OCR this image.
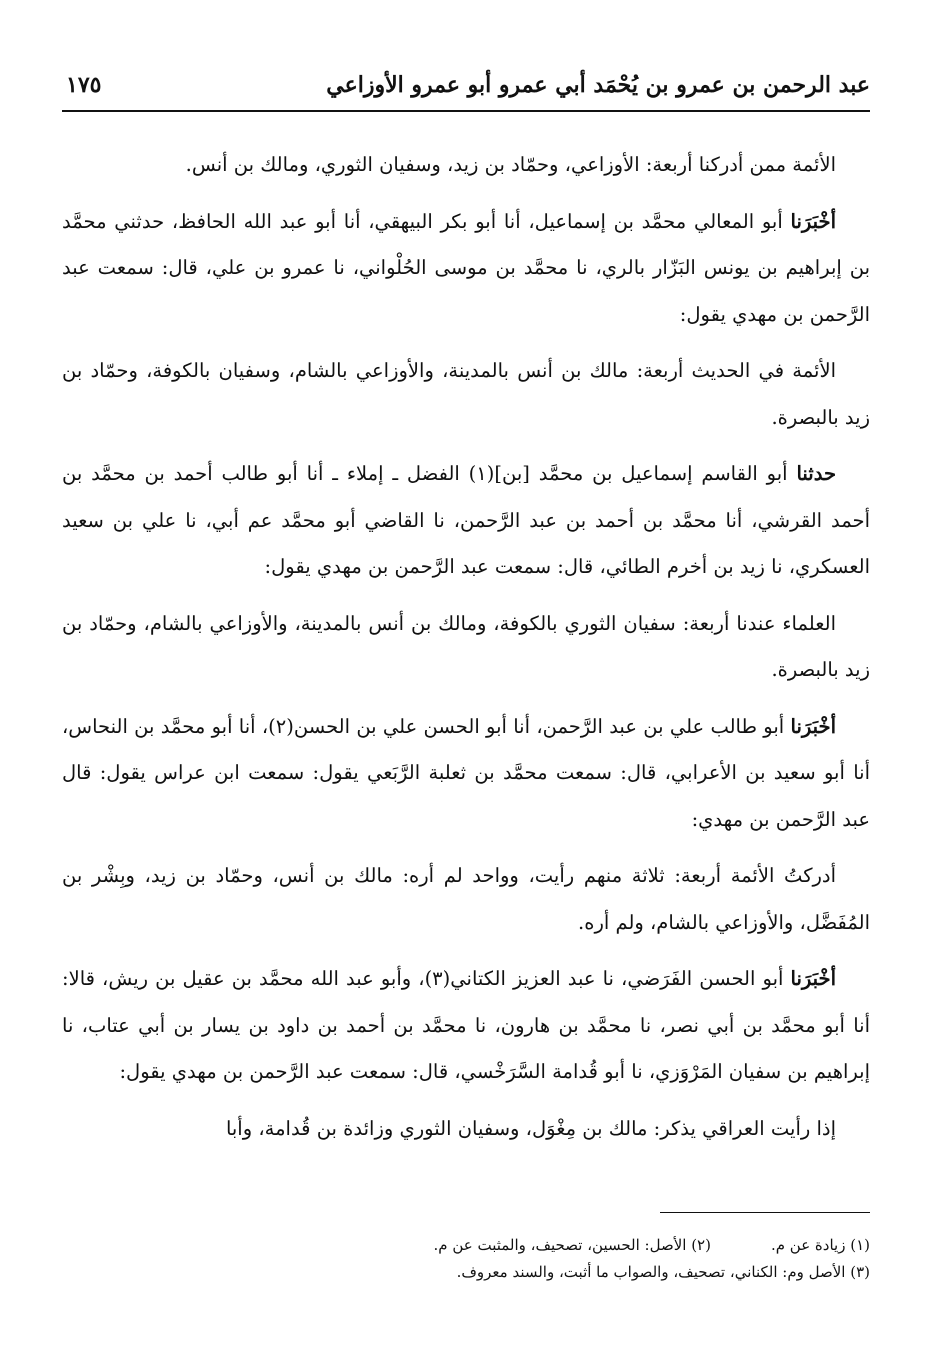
عبد الرحمن بن عمرو بن يُحْمَد أبي عمرو أبو عمرو الأوزاعي
١٧٥

الأئمة ممن أدركنا أربعة: الأوزاعي، وحمّاد بن زيد، وسفيان الثوري، ومالك بن أنس.

أخْبَرَنا أبو المعالي محمَّد بن إسماعيل، أنا أبو بكر البيهقي، أنا أبو عبد الله الحافظ، حدثني محمَّد بن إبراهيم بن يونس البَزّار بالري، نا محمَّد بن موسى الحُلْواني، نا عمرو بن علي، قال: سمعت عبد الرَّحمن بن مهدي يقول:

الأئمة في الحديث أربعة: مالك بن أنس بالمدينة، والأوزاعي بالشام، وسفيان بالكوفة، وحمّاد بن زيد بالبصرة.

حدثنا أبو القاسم إسماعيل بن محمَّد [بن](١) الفضل ـ إملاء ـ أنا أبو طالب أحمد بن محمَّد بن أحمد القرشي، أنا محمَّد بن أحمد بن عبد الرَّحمن، نا القاضي أبو محمَّد عم أبي، نا علي بن سعيد العسكري، نا زيد بن أخرم الطائي، قال: سمعت عبد الرَّحمن بن مهدي يقول:

العلماء عندنا أربعة: سفيان الثوري بالكوفة، ومالك بن أنس بالمدينة، والأوزاعي بالشام، وحمّاد بن زيد بالبصرة.

أخْبَرَنا أبو طالب علي بن عبد الرَّحمن، أنا أبو الحسن علي بن الحسن(٢)، أنا أبو محمَّد بن النحاس، أنا أبو سعيد بن الأعرابي، قال: سمعت محمَّد بن ثعلبة الرَّبَعي يقول: سمعت ابن عراس يقول: قال عبد الرَّحمن بن مهدي:

أدركتُ الأئمة أربعة: ثلاثة منهم رأيت، وواحد لم أره: مالك بن أنس، وحمّاد بن زيد، وبِشْر بن المُفَضَّل، والأوزاعي بالشام، ولم أره.

أخْبَرَنا أبو الحسن الفَرَضي، نا عبد العزيز الكتاني(٣)، وأبو عبد الله محمَّد بن عقيل بن ريش، قالا: أنا أبو محمَّد بن أبي نصر، نا محمَّد بن هارون، نا محمَّد بن أحمد بن داود بن يسار بن أبي عتاب، نا إبراهيم بن سفيان المَرْوَزي، نا أبو قُدامة السَّرَخْسي، قال: سمعت عبد الرَّحمن بن مهدي يقول:

إذا رأيت العراقي يذكر: مالك بن مِغْوَل، وسفيان الثوري وزائدة بن قُدامة، وأبا

(١) زيادة عن م.
(٢) الأصل: الحسين، تصحيف، والمثبت عن م.
(٣) الأصل وم: الكناني، تصحيف، والصواب ما أثبت، والسند معروف.
